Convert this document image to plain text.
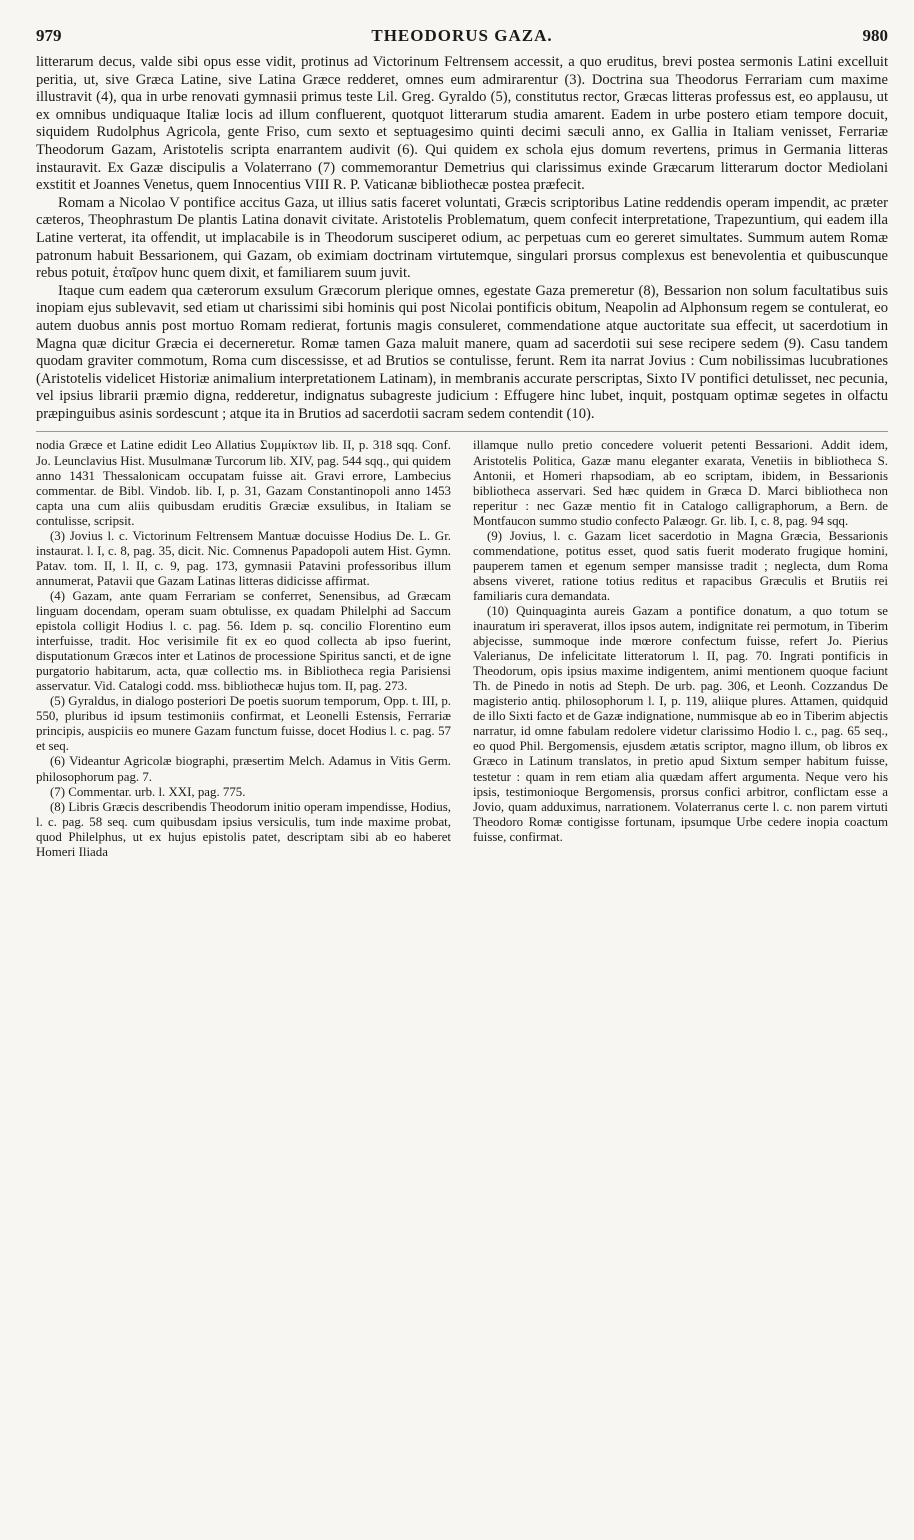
979	THEODORUS GAZA.	980

litterarum decus, valde sibi opus esse vidit, protinus ad Victorinum Feltrensem accessit, a quo eruditus, brevi postea sermonis Latini excelluit peritia, ut, sive Græca Latine, sive Latina Græce redderet, omnes eum admirarentur (3). Doctrina sua Theodorus Ferrariam cum maxime illustravit (4), qua in urbe renovati gymnasii primus teste Lil. Greg. Gyraldo (5), constitutus rector, Græcas litteras professus est, eo applausu, ut ex omnibus undiquaque Italiæ locis ad illum confluerent, quotquot litterarum studia amarent. Eadem in urbe postero etiam tempore docuit, siquidem Rudolphus Agricola, gente Friso, cum sexto et septuagesimo quinti decimi sæculi anno, ex Gallia in Italiam venisset, Ferrariæ Theodorum Gazam, Aristotelis scripta enarrantem audivit (6). Qui quidem ex schola ejus domum revertens, primus in Germania litteras instauravit. Ex Gazæ discipulis a Volaterrano (7) commemorantur Demetrius qui clarissimus exinde Græcarum litterarum doctor Mediolani exstitit et Joannes Venetus, quem Innocentius VIII R. P. Vaticanæ bibliothecæ postea præfecit.

Romam a Nicolao V pontifice accitus Gaza, ut illius satis faceret voluntati, Græcis scriptoribus Latine reddendis operam impendit, ac præter cæteros, Theophrastum De plantis Latina donavit civitate. Aristotelis Problematum, quem confecit interpretatione, Trapezuntium, qui eadem illa Latine verterat, ita offendit, ut implacabile is in Theodorum susciperet odium, ac perpetuas cum eo gereret simultates. Summum autem Romæ patronum habuit Bessarionem, qui Gazam, ob eximiam doctrinam virtutemque, singulari prorsus complexus est benevolentia et quibuscunque rebus potuit, ἑταῖρον hunc quem dixit, et familiarem suum juvit.

Itaque cum eadem qua cæterorum exsulum Græcorum plerique omnes, egestate Gaza premeretur (8), Bessarion non solum facultatibus suis inopiam ejus sublevavit, sed etiam ut charissimi sibi hominis qui post Nicolai pontificis obitum, Neapolin ad Alphonsum regem se contulerat, eo autem duobus annis post mortuo Romam redierat, fortunis magis consuleret, commendatione atque auctoritate sua effecit, ut sacerdotium in Magna quæ dicitur Græcia ei decerneretur. Romæ tamen Gaza maluit manere, quam ad sacerdotii sui sese recipere sedem (9). Casu tandem quodam graviter commotum, Roma cum discessisse, et ad Brutios se contulisse, ferunt. Rem ita narrat Jovius : Cum nobilissimas lucubrationes (Aristotelis videlicet Historiæ animalium interpretationem Latinam), in membranis accurate perscriptas, Sixto IV pontifici detulisset, nec pecunia, vel ipsius librarii præmio digna, redderetur, indignatus subagreste judicium : Effugere hinc lubet, inquit, postquam optimæ segetes in olfactu præpinguibus asinis sordescunt ; atque ita in Brutios ad sacerdotii sacram sedem contendit (10).

nodia Græce et Latine edidit Leo Allatius Συμμίκτων lib. II, p. 318 sqq. Conf. Jo. Leunclavius Hist. Musulmanæ Turcorum lib. XIV, pag. 544 sqq., qui quidem anno 1431 Thessalonicam occupatam fuisse ait. Gravi errore, Lambecius commentar. de Bibl. Vindob. lib. I, p. 31, Gazam Constantinopoli anno 1453 capta una cum aliis quibusdam eruditis Græciæ exsulibus, in Italiam se contulisse, scripsit.

(3) Jovius l. c. Victorinum Feltrensem Mantuæ docuisse Hodius De. L. Gr. instaurat. l. I, c. 8, pag. 35, dicit. Nic. Comnenus Papadopoli autem Hist. Gymn. Patav. tom. II, l. II, c. 9, pag. 173, gymnasii Patavini professoribus illum annumerat, Patavii que Gazam Latinas litteras didicisse affirmat.

(4) Gazam, ante quam Ferrariam se conferret, Senensibus, ad Græcam linguam docendam, operam suam obtulisse, ex quadam Philelphi ad Saccum epistola colligit Hodius l. c. pag. 56. Idem p. sq. concilio Florentino eum interfuisse, tradit. Hoc verisimile fit ex eo quod collecta ab ipso fuerint, disputationum Græcos inter et Latinos de processione Spiritus sancti, et de igne purgatorio habitarum, acta, quæ collectio ms. in Bibliotheca regia Parisiensi asservatur. Vid. Catalogi codd. mss. bibliothecæ hujus tom. II, pag. 273.

(5) Gyraldus, in dialogo posteriori De poetis suorum temporum, Opp. t. III, p. 550, pluribus id ipsum testimoniis confirmat, et Leonelli Estensis, Ferrariæ principis, auspiciis eo munere Gazam functum fuisse, docet Hodius l. c. pag. 57 et seq.

(6) Videantur Agricolæ biographi, præsertim Melch. Adamus in Vitis Germ. philosophorum pag. 7.

(7) Commentar. urb. l. XXI, pag. 775.

(8) Libris Græcis describendis Theodorum initio operam impendisse, Hodius, l. c. pag. 58 seq. cum quibusdam ipsius versiculis, tum inde maxime probat, quod Philelphus, ut ex hujus epistolis patet, descriptam sibi ab eo haberet Homeri Iliada

illamque nullo pretio concedere voluerit petenti Bessarioni. Addit idem, Aristotelis Politica, Gazæ manu eleganter exarata, Venetiis in bibliotheca S. Antonii, et Homeri rhapsodiam, ab eo scriptam, ibidem, in Bessarionis bibliotheca asservari. Sed hæc quidem in Græca D. Marci bibliotheca non reperitur : nec Gazæ mentio fit in Catalogo calligraphorum, a Bern. de Montfaucon summo studio confecto Palæogr. Gr. lib. I, c. 8, pag. 94 sqq.

(9) Jovius, l. c. Gazam licet sacerdotio in Magna Græcia, Bessarionis commendatione, potitus esset, quod satis fuerit moderato frugique homini, pauperem tamen et egenum semper mansisse tradit ; neglecta, dum Roma absens viveret, ratione totius reditus et rapacibus Græculis et Brutiis rei familiaris cura demandata.

(10) Quinquaginta aureis Gazam a pontifice donatum, a quo totum se inauratum iri speraverat, illos ipsos autem, indignitate rei permotum, in Tiberim abjecisse, summoque inde mœrore confectum fuisse, refert Jo. Pierius Valerianus, De infelicitate litteratorum l. II, pag. 70. Ingrati pontificis in Theodorum, opis ipsius maxime indigentem, animi mentionem quoque faciunt Th. de Pinedo in notis ad Steph. De urb. pag. 306, et Leonh. Cozzandus De magisterio antiq. philosophorum l. I, p. 119, aliique plures. Attamen, quidquid de illo Sixti facto et de Gazæ indignatione, nummisque ab eo in Tiberim abjectis narratur, id omne fabulam redolere videtur clarissimo Hodio l. c., pag. 65 seq., eo quod Phil. Bergomensis, ejusdem ætatis scriptor, magno illum, ob libros ex Græco in Latinum translatos, in pretio apud Sixtum semper habitum fuisse, testetur : quam in rem etiam alia quædam affert argumenta. Neque vero his ipsis, testimonioque Bergomensis, prorsus confici arbitror, conflictam esse a Jovio, quam adduximus, narrationem. Volaterranus certe l. c. non parem virtuti Theodoro Romæ contigisse fortunam, ipsumque Urbe cedere inopia coactum fuisse, confirmat.
